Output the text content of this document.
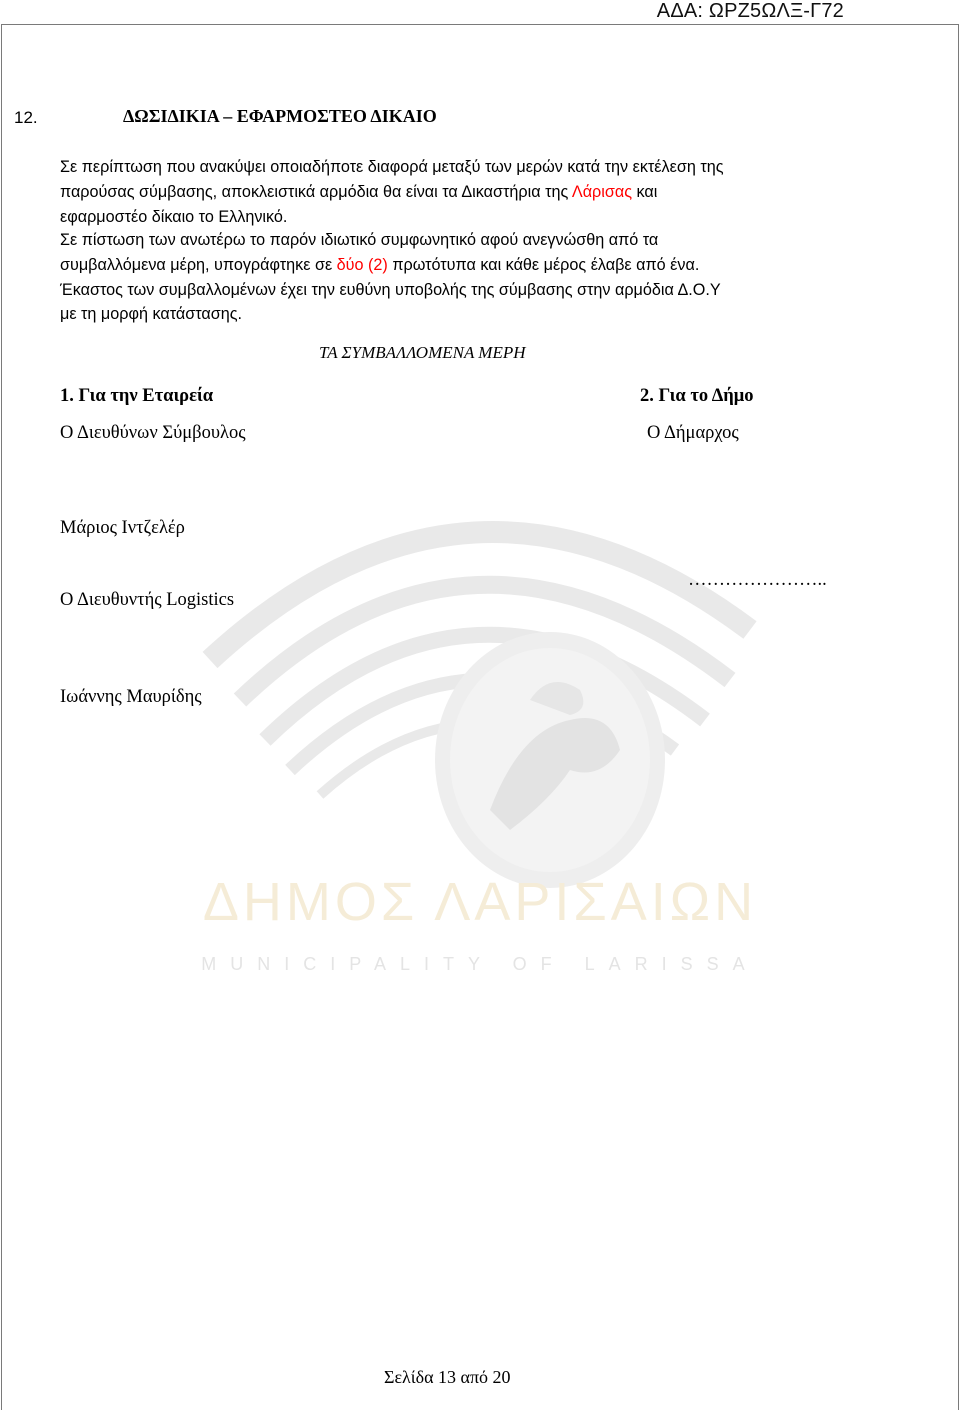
ΑΔΑ: ΩΡΖ5ΩΛΞ-Γ72
ΔΗΜΟΣ ΛΑΡΙΣΑΙΩΝ
MUNICIPALITY OF LARISSA
12.	ΔΩΣΙΔΙΚΙΑ – ΕΦΑΡΜΟΣΤΕΟ ΔΙΚΑΙΟ
Σε περίπτωση που ανακύψει οποιαδήποτε διαφορά μεταξύ των μερών κατά την εκτέλεση της
παρούσας σύμβασης, αποκλειστικά αρμόδια θα είναι τα Δικαστήρια της Λάρισας και
εφαρμοστέο δίκαιο το Ελληνικό.
Σε πίστωση των ανωτέρω το παρόν ιδιωτικό συμφωνητικό αφού ανεγνώσθη από τα
συμβαλλόμενα μέρη, υπογράφτηκε σε δύο (2) πρωτότυπα και κάθε μέρος έλαβε από ένα.
Έκαστος των συμβαλλομένων έχει την ευθύνη υποβολής της σύμβασης στην αρμόδια Δ.Ο.Υ
με τη μορφή κατάστασης.
ΤΑ ΣΥΜΒΑΛΛΟΜΕΝΑ ΜΕΡΗ
1. Για την Εταιρεία
Ο Διευθύνων Σύμβουλος
Μάριος Ιντζελέρ
Ο Διευθυντής Logistics
Ιωάννης Μαυρίδης
2. Για το Δήμο
Ο Δήμαρχος
…………………..
Σελίδα 13 από 20
